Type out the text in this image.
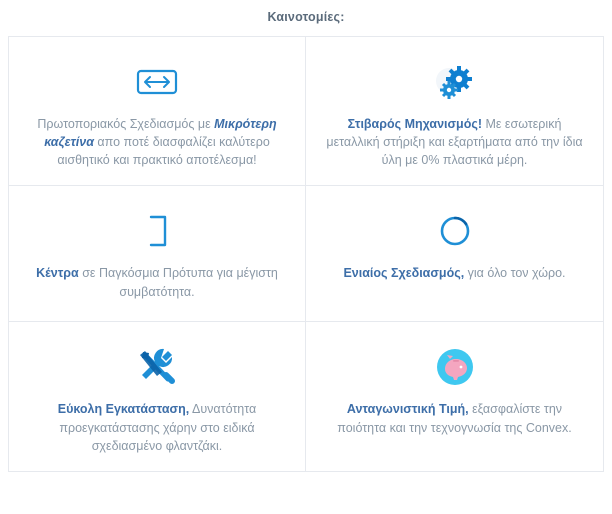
Καινοτομίες:
Πρωτοποριακός Σχεδιασμός με Μικρότερη καζετίνα απο ποτέ διασφαλίζει καλύτερο αισθητικό και πρακτικό αποτέλεσμα!
Στιβαρός Μηχανισμός! Με εσωτερική μεταλλική στήριξη και εξαρτήματα από την ίδια ύλη με 0% πλαστικά μέρη.
Κέντρα σε Παγκόσμια Πρότυπα για μέγιστη συμβατότητα.
Ενιαίος Σχεδιασμός, για όλο τον χώρο.
Εύκολη Εγκατάσταση, Δυνατότητα προεγκατάστασης χάρην στο ειδικά σχεδιασμένο φλαντζάκι.
Ανταγωνιστική Τιμή, εξασφαλίστε την ποιότητα και την τεχνογνωσία της Convex.
